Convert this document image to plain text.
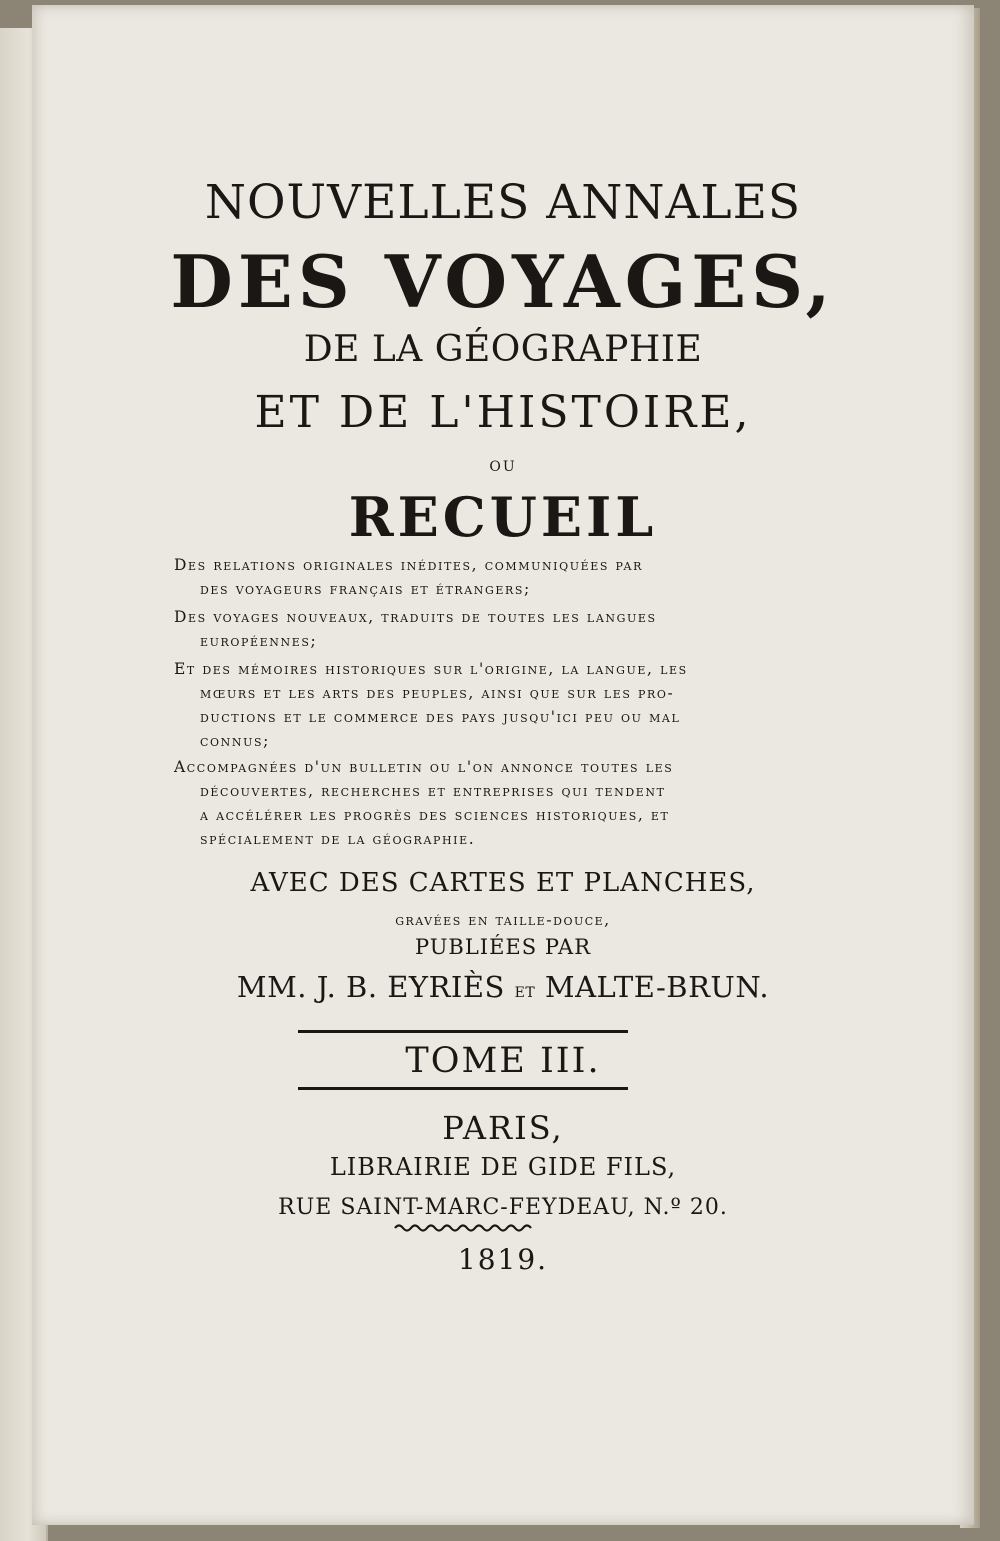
NOUVELLES ANNALES
DES VOYAGES,
DE LA GÉOGRAPHIE
ET DE L'HISTOIRE,
ou
RECUEIL
Des relations originales inédites, communiquées par
des voyageurs français et étrangers;
Des voyages nouveaux, traduits de toutes les langues
européennes;
Et des mémoires historiques sur l'origine, la langue, les
mœurs et les arts des peuples, ainsi que sur les pro-
ductions et le commerce des pays jusqu'ici peu ou mal
connus;
Accompagnées d'un bulletin ou l'on annonce toutes les
découvertes, recherches et entreprises qui tendent
a accélérer les progrès des sciences historiques, et
spécialement de la géographie.
AVEC DES CARTES ET PLANCHES,
gravées en taille-douce,
PUBLIÉES PAR
MM. J. B. EYRIÈS et MALTE-BRUN.
TOME III.
PARIS,
LIBRAIRIE DE GIDE FILS,
RUE SAINT-MARC-FEYDEAU, N.º 20.
1819.
